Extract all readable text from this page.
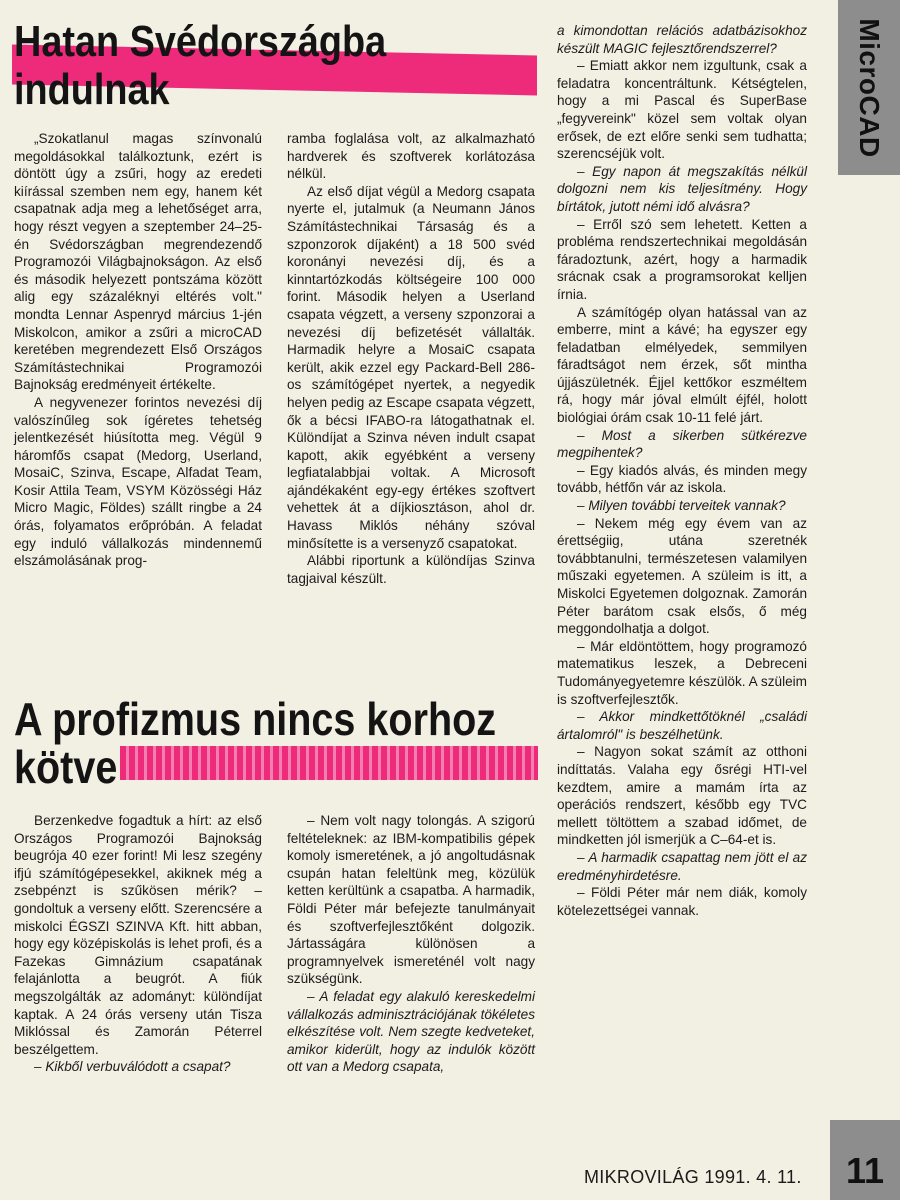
MicroCAD
11
MIKROVILÁG 1991. 4. 11.
Hatan Svédországba
indulnak

„Szokatlanul magas színvonalú megoldásokkal találkoztunk, ezért is döntött úgy a zsűri, hogy az eredeti kiírással szemben nem egy, hanem két csapatnak adja meg a lehetőséget arra, hogy részt vegyen a szeptember 24–25-én Svédországban megrendezendő Programozói Világbajnokságon. Az első és második helyezett pontszáma között alig egy százaléknyi eltérés volt." mondta Lennar Aspenryd március 1-jén Miskolcon, amikor a zsűri a microCAD keretében megrendezett Első Országos Számítástechnikai Programozói Bajnokság eredményeit értékelte.

A negyvenezer forintos nevezési díj valószínűleg sok ígéretes tehetség jelentkezését hiúsította meg. Végül 9 háromfős csapat (Medorg, Userland, MosaiC, Szinva, Escape, Alfadat Team, Kosir Attila Team, VSYM Közösségi Ház Micro Magic, Földes) szállt ringbe a 24 órás, folyamatos erőpróbán. A feladat egy induló vállalkozás mindennemű elszámolásának prog-

ramba foglalása volt, az alkalmazható hardverek és szoftverek korlátozása nélkül.

Az első díjat végül a Medorg csapata nyerte el, jutalmuk (a Neumann János Számítástechnikai Társaság és a szponzorok díjaként) a 18 500 svéd koronányi nevezési díj, és a kinntartózkodás költségeire 100 000 forint. Második helyen a Userland csapata végzett, a verseny szponzorai a nevezési díj befizetését vállalták. Harmadik helyre a MosaiC csapata került, akik ezzel egy Packard-Bell 286-os számítógépet nyertek, a negyedik helyen pedig az Escape csapata végzett, ők a bécsi IFABO-ra látogathatnak el. Különdíjat a Szinva néven indult csapat kapott, akik egyébként a verseny legfiatalabbjai voltak. A Microsoft ajándékaként egy-egy értékes szoftvert vehettek át a díjkiosztáson, ahol dr. Havass Miklós néhány szóval minősítette is a versenyző csapatokat.

Alábbi riportunk a különdíjas Szinva tagjaival készült.

A profizmus nincs korhoz
kötve

Berzenkedve fogadtuk a hírt: az első Országos Programozói Bajnokság beugrója 40 ezer forint! Mi lesz szegény ifjú számítógépesekkel, akiknek még a zsebpénzt is szűkösen mérik? – gondoltuk a verseny előtt. Szerencsére a miskolci ÉGSZI SZINVA Kft. hitt abban, hogy egy középiskolás is lehet profi, és a Fazekas Gimnázium csapatának felajánlotta a beugrót. A fiúk megszolgálták az adományt: különdíjat kaptak. A 24 órás verseny után Tisza Miklóssal és Zamorán Péterrel beszélgettem.

– Kikből verbuválódott a csapat?

– Nem volt nagy tolongás. A szigorú feltételeknek: az IBM-kompatibilis gépek komoly ismeretének, a jó angoltudásnak csupán hatan feleltünk meg, közülük ketten kerültünk a csapatba. A harmadik, Földi Péter már befejezte tanulmányait és szoftverfejlesztőként dolgozik. Jártasságára különösen a programnyelvek ismereténél volt nagy szükségünk.

– A feladat egy alakuló kereskedelmi vállalkozás adminisztrációjának tökéletes elkészítése volt. Nem szegte kedveteket, amikor kiderült, hogy az indulók között ott van a Medorg csapata,

a kimondottan relációs adatbázisokhoz készült MAGIC fejlesztőrendszerrel?

– Emiatt akkor nem izgultunk, csak a feladatra koncentráltunk. Kétségtelen, hogy a mi Pascal és SuperBase „fegyvereink" közel sem voltak olyan erősek, de ezt előre senki sem tudhatta; szerencséjük volt.

– Egy napon át megszakítás nélkül dolgozni nem kis teljesítmény. Hogy bírtátok, jutott némi idő alvásra?

– Erről szó sem lehetett. Ketten a probléma rendszertechnikai megoldásán fáradoztunk, azért, hogy a harmadik srácnak csak a programsorokat kelljen írnia.

A számítógép olyan hatással van az emberre, mint a kávé; ha egyszer egy feladatban elmélyedek, semmilyen fáradtságot nem érzek, sőt mintha újjászületnék. Éjjel kettőkor eszméltem rá, hogy már jóval elmúlt éjfél, holott biológiai órám csak 10-11 felé járt.

– Most a sikerben sütkérezve megpihentek?

– Egy kiadós alvás, és minden megy tovább, hétfőn vár az iskola.

– Milyen további terveitek vannak?

– Nekem még egy évem van az érettségiig, utána szeretnék továbbtanulni, természetesen valamilyen műszaki egyetemen. A szüleim is itt, a Miskolci Egyetemen dolgoznak. Zamorán Péter barátom csak elsős, ő még meggondolhatja a dolgot.

– Már eldöntöttem, hogy programozó matematikus leszek, a Debreceni Tudományegyetemre készülök. A szüleim is szoftverfejlesztők.

– Akkor mindkettőtöknél „családi ártalomról" is beszélhetünk.

– Nagyon sokat számít az otthoni indíttatás. Valaha egy ősrégi HTI-vel kezdtem, amire a mamám írta az operációs rendszert, később egy TVC mellett töltöttem a szabad időmet, de mindketten jól ismerjük a C–64-et is.

– A harmadik csapattag nem jött el az eredményhirdetésre.

– Földi Péter már nem diák, komoly kötelezettségei vannak.
